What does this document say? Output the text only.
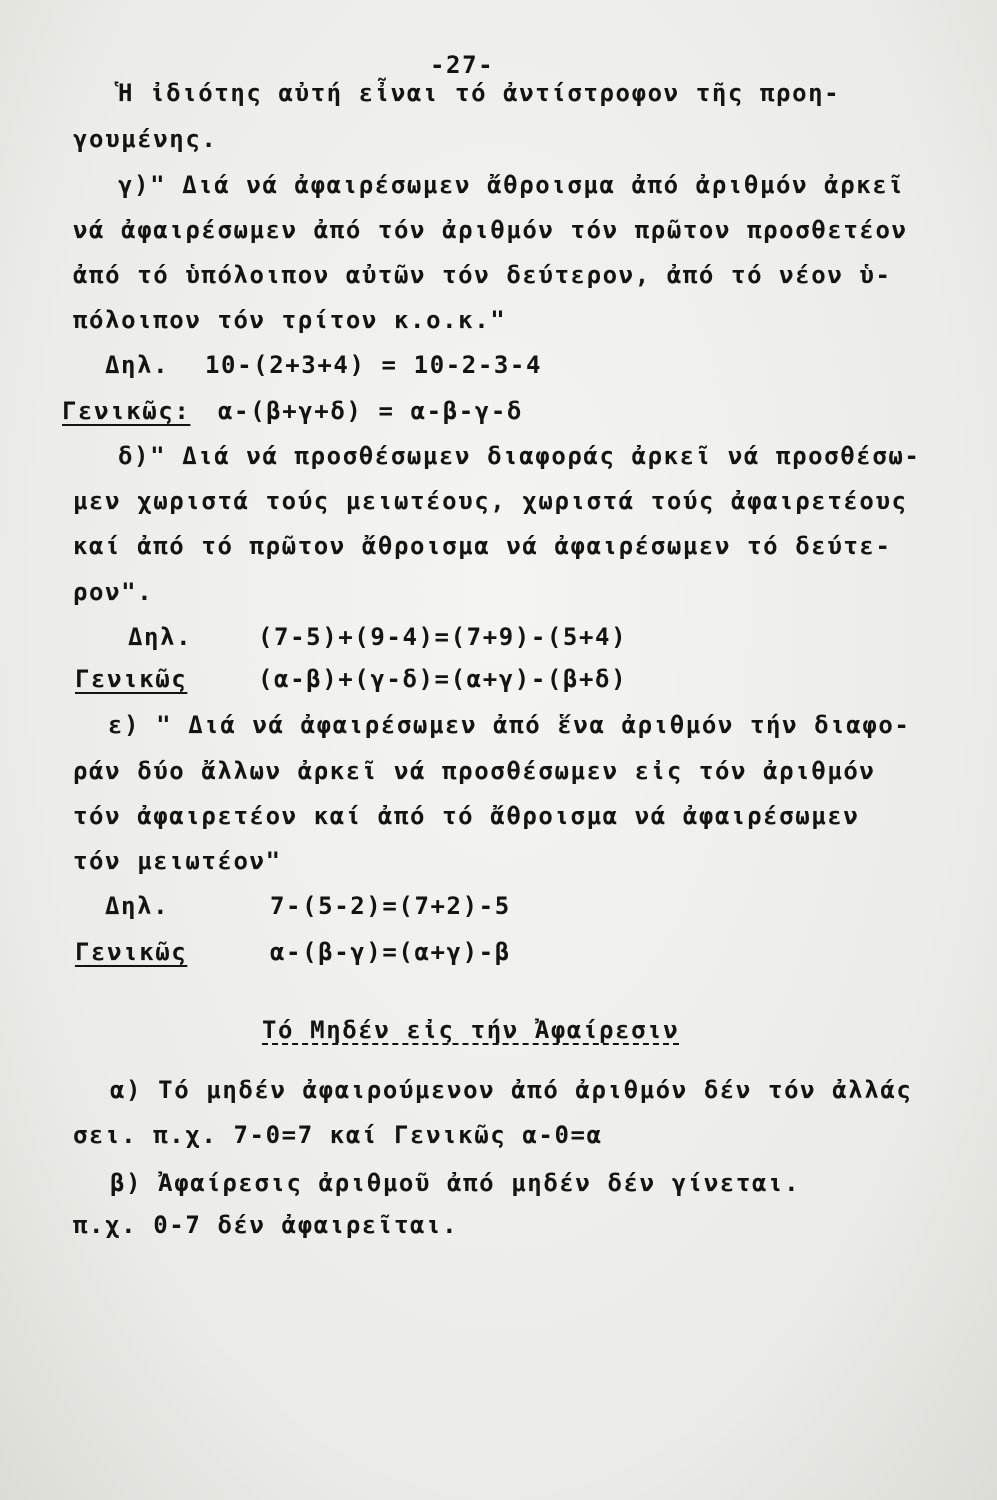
-27-
Ἡ ἰδιότης αὐτή εἶναι τό ἀντίστροφον τῆς προη-
γουμένης.
γ)" Διά νά ἀφαιρέσωμεν ἄθροισμα ἀπό ἀριθμόν ἀρκεῖ
νά ἀφαιρέσωμεν ἀπό τόν ἀριθμόν τόν πρῶτον προσθετέον
ἀπό τό ὑπόλοιπον αὐτῶν τόν δεύτερον, ἀπό τό νέον ὑ-
πόλοιπον τόν τρίτον κ.ο.κ."
Δηλ. 10-(2+3+4) = 10-2-3-4
Γενικῶς: α-(β+γ+δ) = α-β-γ-δ
δ)" Διά νά προσθέσωμεν διαφοράς ἀρκεῖ νά προσθέσω-
μεν χωριστά τούς μειωτέους, χωριστά τούς ἀφαιρετέους
καί ἀπό τό πρῶτον ἄθροισμα νά ἀφαιρέσωμεν τό δεύτε-
ρον".
Δηλ.	(7-5)+(9-4)=(7+9)-(5+4)
Γενικῶς	(α-β)+(γ-δ)=(α+γ)-(β+δ)
ε) " Διά νά ἀφαιρέσωμεν ἀπό ἕνα ἀριθμόν τήν διαφο-
ράν δύο ἄλλων ἀρκεῖ νά προσθέσωμεν εἰς τόν ἀριθμόν
τόν ἀφαιρετέον καί ἀπό τό ἄθροισμα νά ἀφαιρέσωμεν
τόν μειωτέον"
Δηλ.	7-(5-2)=(7+2)-5
Γενικῶς	α-(β-γ)=(α+γ)-β
Τό Μηδέν εἰς τήν Ἀφαίρεσιν
α) Τό μηδέν ἀφαιρούμενον ἀπό ἀριθμόν δέν τόν ἀλλάς
σει. π.χ. 7-0=7 καί Γενικῶς α-0=α
β) Ἀφαίρεσις ἀριθμοῦ ἀπό μηδέν δέν γίνεται.
π.χ. 0-7 δέν ἀφαιρεῖται.
